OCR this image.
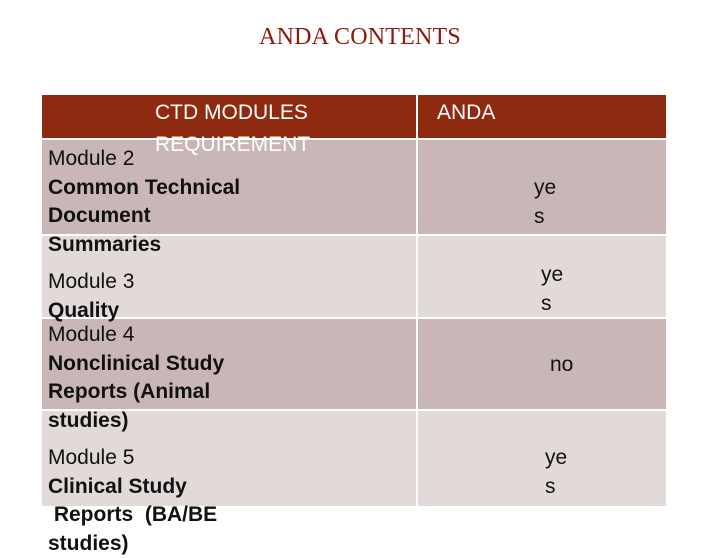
ANDA CONTENTS
CTD MODULES
REQUIREMENT
ANDA
Module 2
Common Technical
Document
Summaries
ye
s
Module 3
Quality
ye
s
Module 4
Nonclinical Study
Reports (Animal
studies)
no
Module 5
Clinical Study
Reports  (BA/BE
studies)
ye
s
